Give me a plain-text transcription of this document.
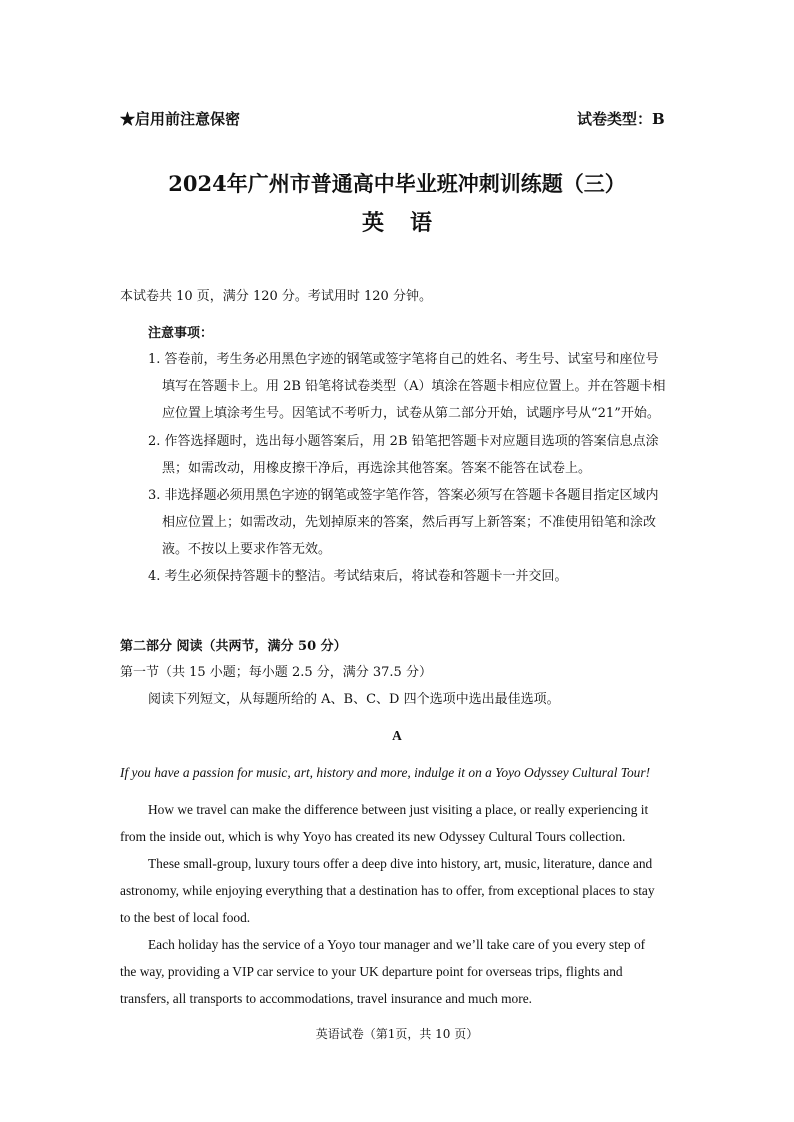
★启用前注意保密	试卷类型：B
2024年广州市普通高中毕业班冲刺训练题（三）
英语
本试卷共 10 页，满分 120 分。考试用时 120 分钟。
注意事项：
1. 答卷前，考生务必用黑色字迹的钢笔或签字笔将自己的姓名、考生号、试室号和座位号
填写在答题卡上。用 2B 铅笔将试卷类型（A）填涂在答题卡相应位置上。并在答题卡相
应位置上填涂考生号。因笔试不考听力，试卷从第二部分开始，试题序号从“21”开始。
2. 作答选择题时，选出每小题答案后，用 2B 铅笔把答题卡对应题目选项的答案信息点涂
黑；如需改动，用橡皮擦干净后，再选涂其他答案。答案不能答在试卷上。
3. 非选择题必须用黑色字迹的钢笔或签字笔作答，答案必须写在答题卡各题目指定区域内
相应位置上；如需改动，先划掉原来的答案，然后再写上新答案；不准使用铅笔和涂改
液。不按以上要求作答无效。
4. 考生必须保持答题卡的整洁。考试结束后，将试卷和答题卡一并交回。
第二部分 阅读（共两节，满分 50 分）
第一节（共 15 小题；每小题 2.5 分，满分 37.5 分）
阅读下列短文，从每题所给的 A、B、C、D 四个选项中选出最佳选项。
A
If you have a passion for music, art, history and more, indulge it on a Yoyo Odyssey Cultural Tour!
How we travel can make the difference between just visiting a place, or really experiencing it
from the inside out, which is why Yoyo has created its new Odyssey Cultural Tours collection.
These small-group, luxury tours offer a deep dive into history, art, music, literature, dance and
astronomy, while enjoying everything that a destination has to offer, from exceptional places to stay
to the best of local food.
Each holiday has the service of a Yoyo tour manager and we’ll take care of you every step of
the way, providing a VIP car service to your UK departure point for overseas trips, flights and
transfers, all transports to accommodations, travel insurance and much more.
英语试卷（第1页，共 10 页）
